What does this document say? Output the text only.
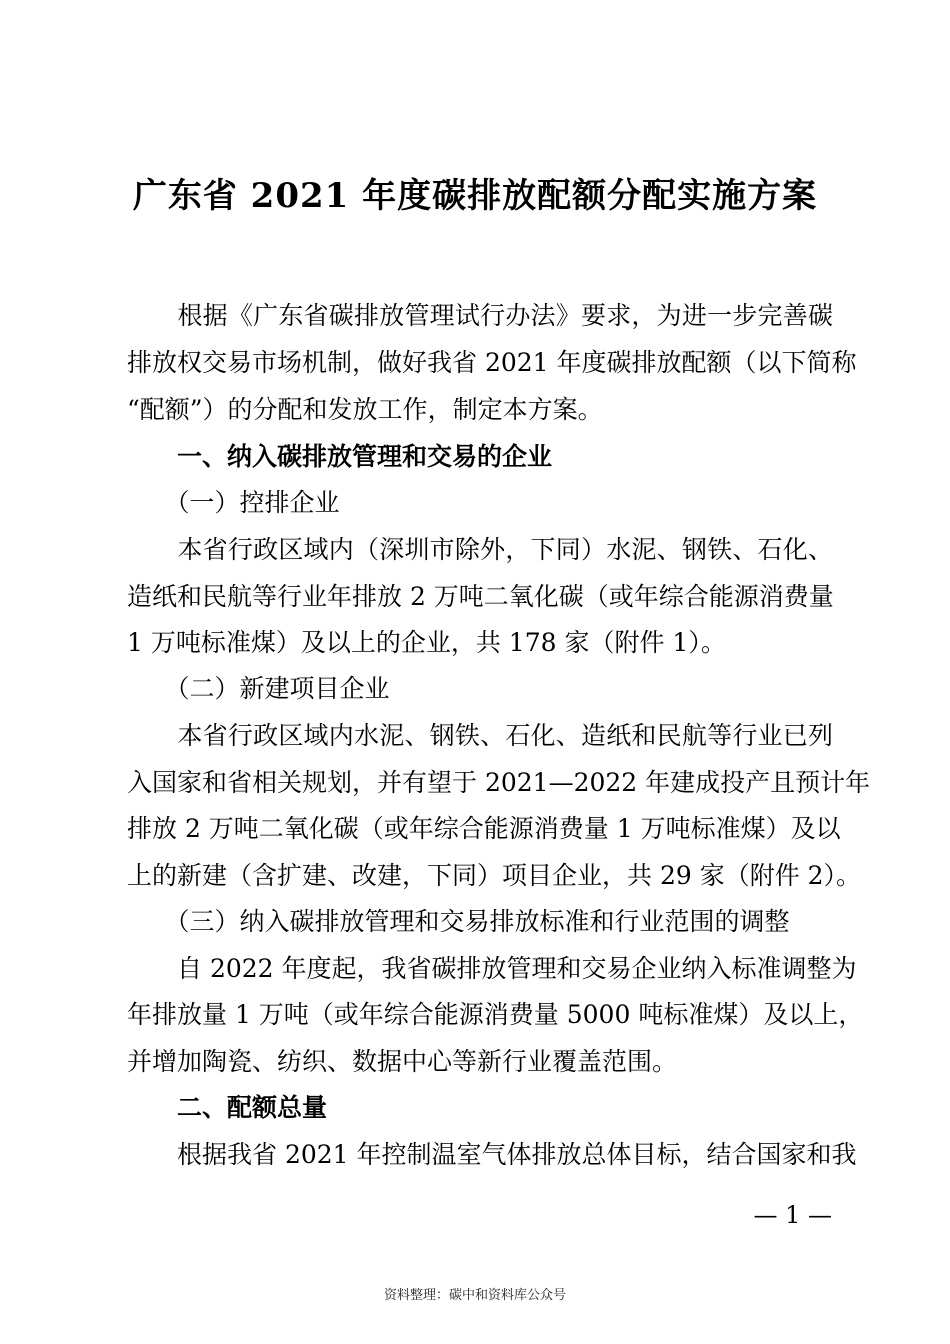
广东省 2021 年度碳排放配额分配实施方案
　　根据《广东省碳排放管理试行办法》要求，为进一步完善碳
排放权交易市场机制，做好我省 2021 年度碳排放配额（以下简称
“配额”）的分配和发放工作，制定本方案。
　　一、纳入碳排放管理和交易的企业
　　（一）控排企业
　　本省行政区域内（深圳市除外，下同）水泥、钢铁、石化、
造纸和民航等行业年排放 2 万吨二氧化碳（或年综合能源消费量
1 万吨标准煤）及以上的企业，共 178 家（附件 1）。
　　（二）新建项目企业
　　本省行政区域内水泥、钢铁、石化、造纸和民航等行业已列
入国家和省相关规划，并有望于 2021—2022 年建成投产且预计年
排放 2 万吨二氧化碳（或年综合能源消费量 1 万吨标准煤）及以
上的新建（含扩建、改建，下同）项目企业，共 29 家（附件 2）。
　　（三）纳入碳排放管理和交易排放标准和行业范围的调整
　　自 2022 年度起，我省碳排放管理和交易企业纳入标准调整为
年排放量 1 万吨（或年综合能源消费量 5000 吨标准煤）及以上，
并增加陶瓷、纺织、数据中心等新行业覆盖范围。
　　二、配额总量
　　根据我省 2021 年控制温室气体排放总体目标，结合国家和我
— 1 —
资料整理：碳中和资料库公众号
